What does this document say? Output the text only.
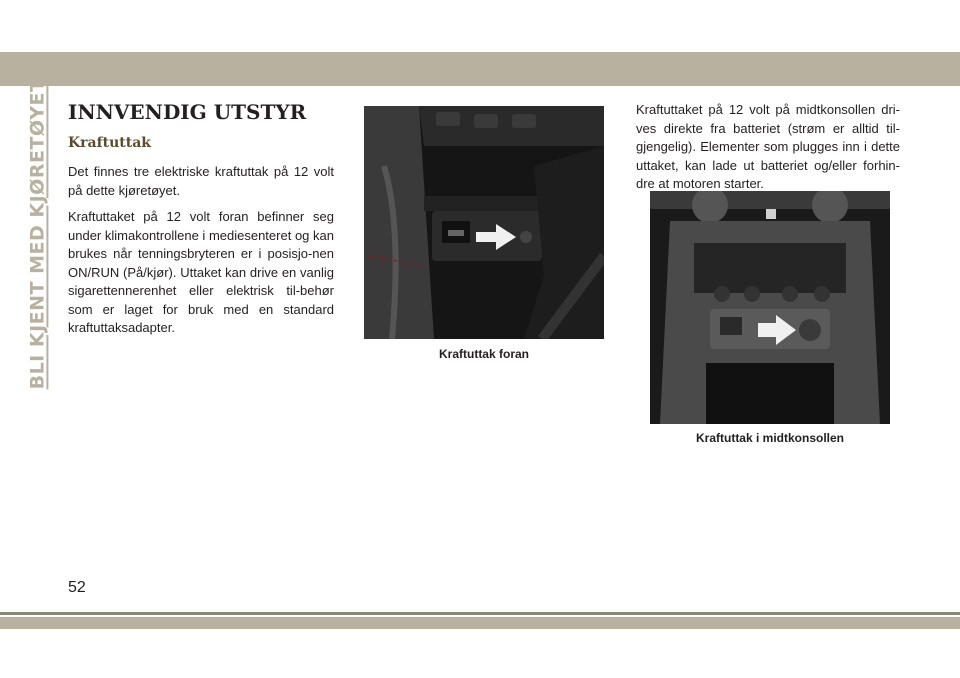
BLI KJENT MED KJØRETØYET INNVENDIG UTSTYR
Kraftuttak

Det finnes tre elektriske kraftuttak på 12 volt på dette kjøretøyet.

Kraftuttaket på 12 volt foran befinner seg under klimakontrollene i mediesenteret og kan brukes når tenningsbryteren er i posisjo-nen ON/RUN (På/kjør). Uttaket kan drive en vanlig sigarettennerenhet eller elektrisk til-behør som er laget for bruk med en standard kraftuttaksadapter.

Kraftuttak foran

Kraftuttaket på 12 volt på midtkonsollen dri-ves direkte fra batteriet (strøm er alltid til-gjengelig). Elementer som plugges inn i dette uttaket, kan lade ut batteriet og/eller forhin-dre at motoren starter.

Kraftuttak i midtkonsollen

52
